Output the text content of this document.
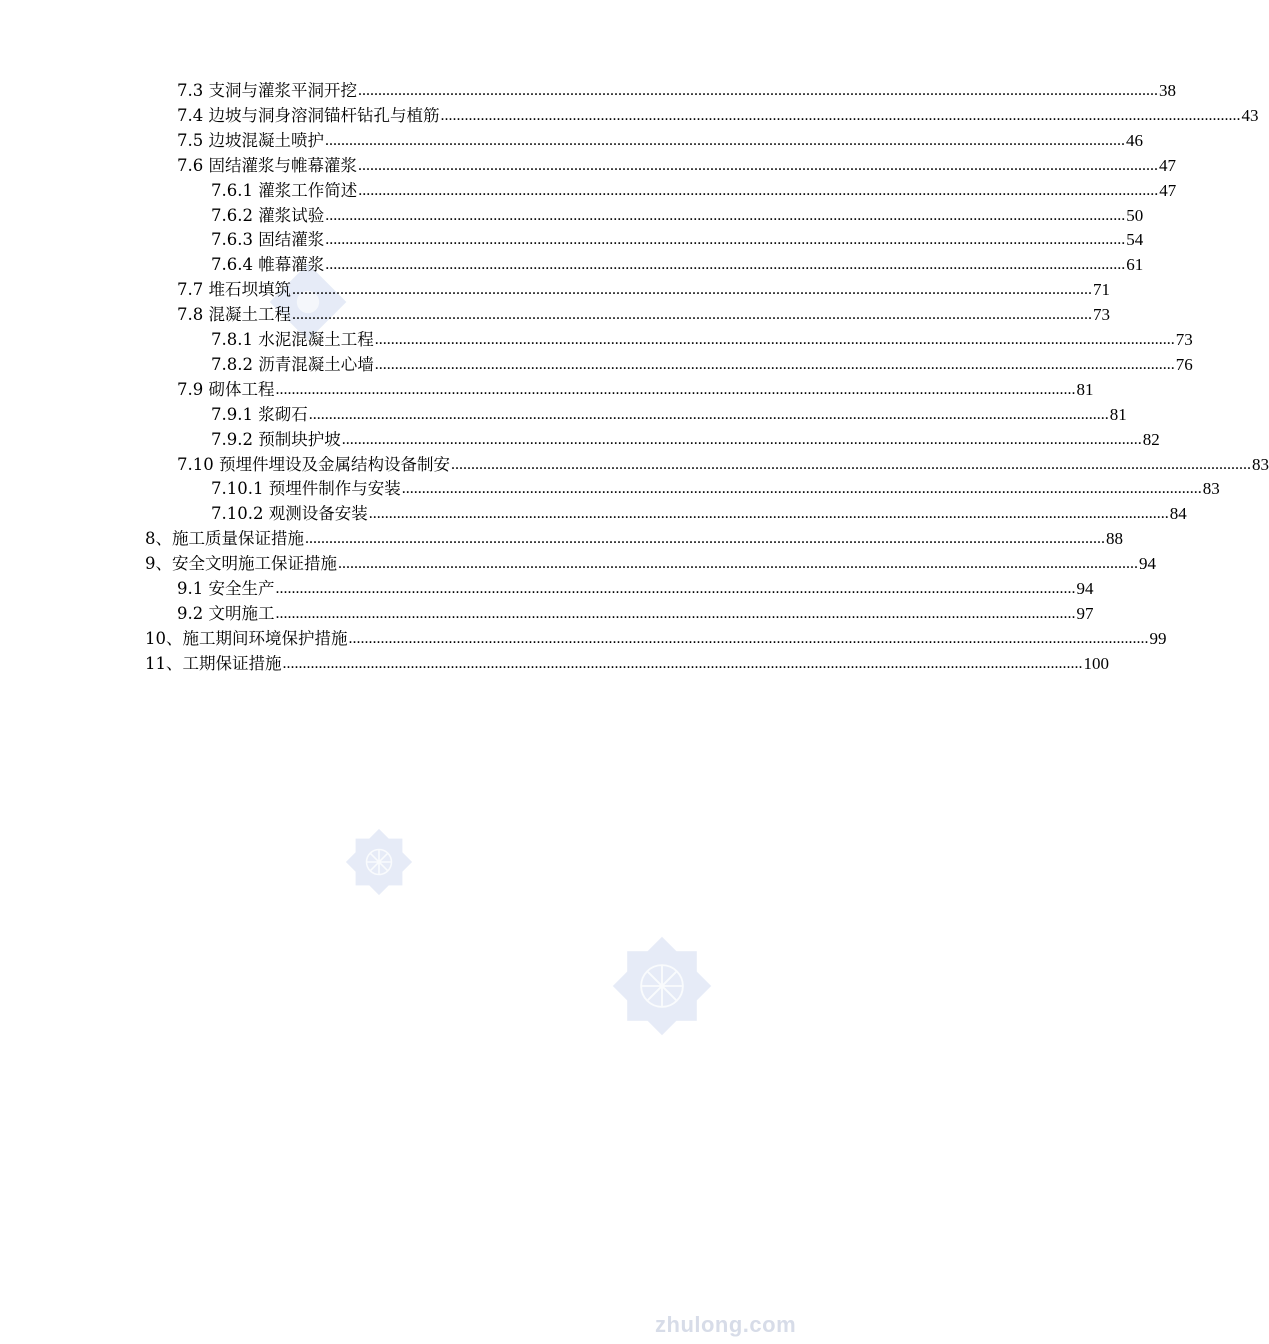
zhulong.com
7.3 支洞与灌浆平洞开挖 ........................................................................................................................................................................................................ 38
7.4 边坡与洞身溶洞锚杆钻孔与植筋 ........................................................................................................................................................................................................ 43
7.5 边坡混凝土喷护 ........................................................................................................................................................................................................ 46
7.6 固结灌浆与帷幕灌浆 ........................................................................................................................................................................................................ 47
7.6.1 灌浆工作简述 ........................................................................................................................................................................................................ 47
7.6.2 灌浆试验 ........................................................................................................................................................................................................ 50
7.6.3 固结灌浆 ........................................................................................................................................................................................................ 54
7.6.4 帷幕灌浆 ........................................................................................................................................................................................................ 61
7.7 堆石坝填筑 ........................................................................................................................................................................................................ 71
7.8 混凝土工程 ........................................................................................................................................................................................................ 73
7.8.1 水泥混凝土工程 ........................................................................................................................................................................................................ 73
7.8.2 沥青混凝土心墙 ........................................................................................................................................................................................................ 76
7.9 砌体工程 ........................................................................................................................................................................................................ 81
7.9.1 浆砌石 ........................................................................................................................................................................................................ 81
7.9.2 预制块护坡 ........................................................................................................................................................................................................ 82
7.10 预埋件埋设及金属结构设备制安 ........................................................................................................................................................................................................ 83
7.10.1 预埋件制作与安装 ........................................................................................................................................................................................................ 83
7.10.2 观测设备安装 ........................................................................................................................................................................................................ 84
8、施工质量保证措施 ........................................................................................................................................................................................................ 88
9、安全文明施工保证措施 ........................................................................................................................................................................................................ 94
9.1 安全生产 ........................................................................................................................................................................................................ 94
9.2 文明施工 ........................................................................................................................................................................................................ 97
10、施工期间环境保护措施 ........................................................................................................................................................................................................ 99
11、工期保证措施 ........................................................................................................................................................................................................ 100
